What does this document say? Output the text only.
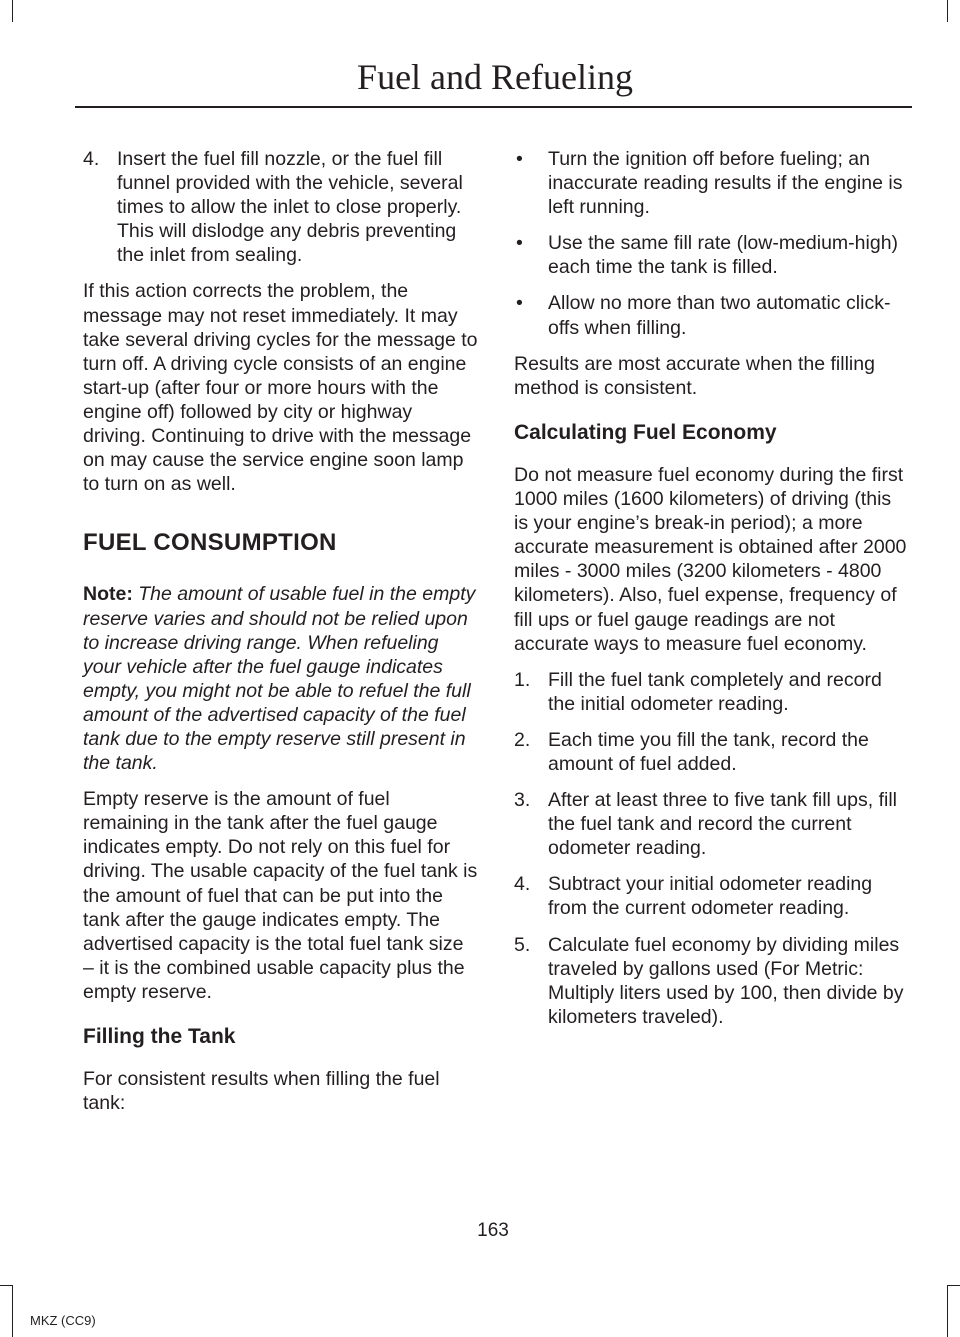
Fuel and Refueling
4. Insert the fuel fill nozzle, or the fuel fill funnel provided with the vehicle, several times to allow the inlet to close properly. This will dislodge any debris preventing the inlet from sealing.

If this action corrects the problem, the message may not reset immediately. It may take several driving cycles for the message to turn off. A driving cycle consists of an engine start-up (after four or more hours with the engine off) followed by city or highway driving. Continuing to drive with the message on may cause the service engine soon lamp to turn on as well.

FUEL CONSUMPTION

Note: The amount of usable fuel in the empty reserve varies and should not be relied upon to increase driving range. When refueling your vehicle after the fuel gauge indicates empty, you might not be able to refuel the full amount of the advertised capacity of the fuel tank due to the empty reserve still present in the tank.

Empty reserve is the amount of fuel remaining in the tank after the fuel gauge indicates empty. Do not rely on this fuel for driving. The usable capacity of the fuel tank is the amount of fuel that can be put into the tank after the gauge indicates empty. The advertised capacity is the total fuel tank size – it is the combined usable capacity plus the empty reserve.

Filling the Tank

For consistent results when filling the fuel tank:

• Turn the ignition off before fueling; an inaccurate reading results if the engine is left running.
• Use the same fill rate (low-medium-high) each time the tank is filled.
• Allow no more than two automatic click-offs when filling.

Results are most accurate when the filling method is consistent.

Calculating Fuel Economy

Do not measure fuel economy during the first 1000 miles (1600 kilometers) of driving (this is your engine’s break-in period); a more accurate measurement is obtained after 2000 miles - 3000 miles (3200 kilometers - 4800 kilometers). Also, fuel expense, frequency of fill ups or fuel gauge readings are not accurate ways to measure fuel economy.

1. Fill the fuel tank completely and record the initial odometer reading.
2. Each time you fill the tank, record the amount of fuel added.
3. After at least three to five tank fill ups, fill the fuel tank and record the current odometer reading.
4. Subtract your initial odometer reading from the current odometer reading.
5. Calculate fuel economy by dividing miles traveled by gallons used (For Metric: Multiply liters used by 100, then divide by kilometers traveled).
163
MKZ (CC9)
